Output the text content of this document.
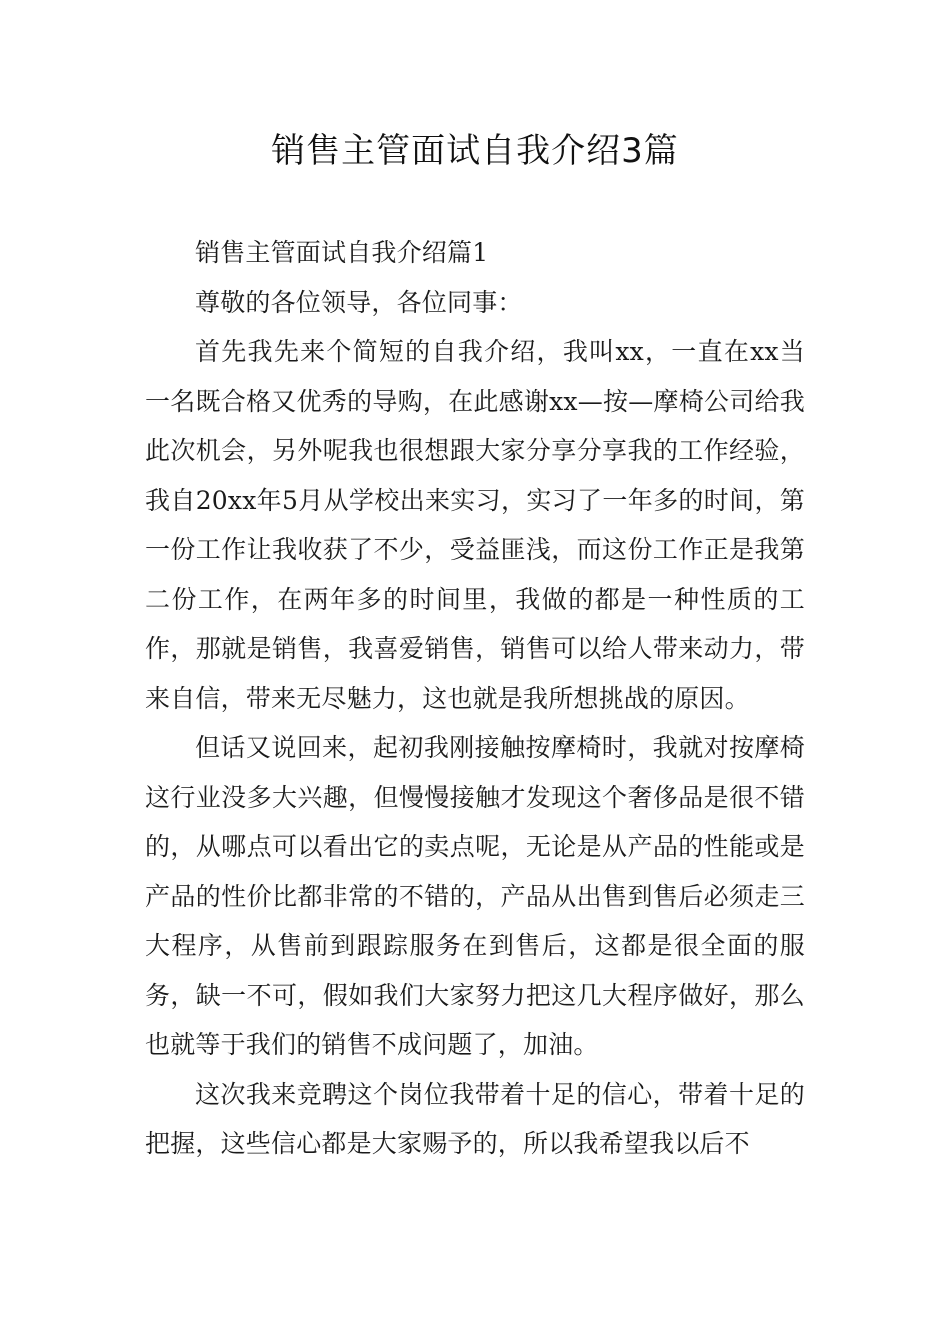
销售主管面试自我介绍3篇

销售主管面试自我介绍篇1

尊敬的各位领导，各位同事：

首先我先来个简短的自我介绍，我叫xx，一直在xx当一名既合格又优秀的导购，在此感谢xx—按—摩椅公司给我此次机会，另外呢我也很想跟大家分享分享我的工作经验，我自20xx年5月从学校出来实习，实习了一年多的时间，第一份工作让我收获了不少，受益匪浅，而这份工作正是我第二份工作，在两年多的时间里，我做的都是一种性质的工作，那就是销售，我喜爱销售，销售可以给人带来动力，带来自信，带来无尽魅力，这也就是我所想挑战的原因。

但话又说回来，起初我刚接触按摩椅时，我就对按摩椅这行业没多大兴趣，但慢慢接触才发现这个奢侈品是很不错的，从哪点可以看出它的卖点呢，无论是从产品的性能或是产品的性价比都非常的不错的，产品从出售到售后必须走三大程序，从售前到跟踪服务在到售后，这都是很全面的服务，缺一不可，假如我们大家努力把这几大程序做好，那么也就等于我们的销售不成问题了，加油。

这次我来竞聘这个岗位我带着十足的信心，带着十足的把握，这些信心都是大家赐予的，所以我希望我以后不
